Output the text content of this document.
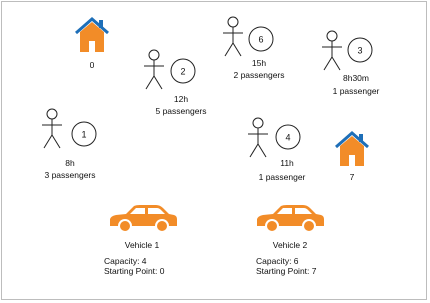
0
7
2
12h
5 passengers
6
15h
2 passengers
3
8h30m
1 passenger
1
8h
3 passengers
4
11h
1 passenger
Vehicle 1
Capacity: 4
Starting Point: 0
Vehicle 2
Capacity: 6
Starting Point: 7
